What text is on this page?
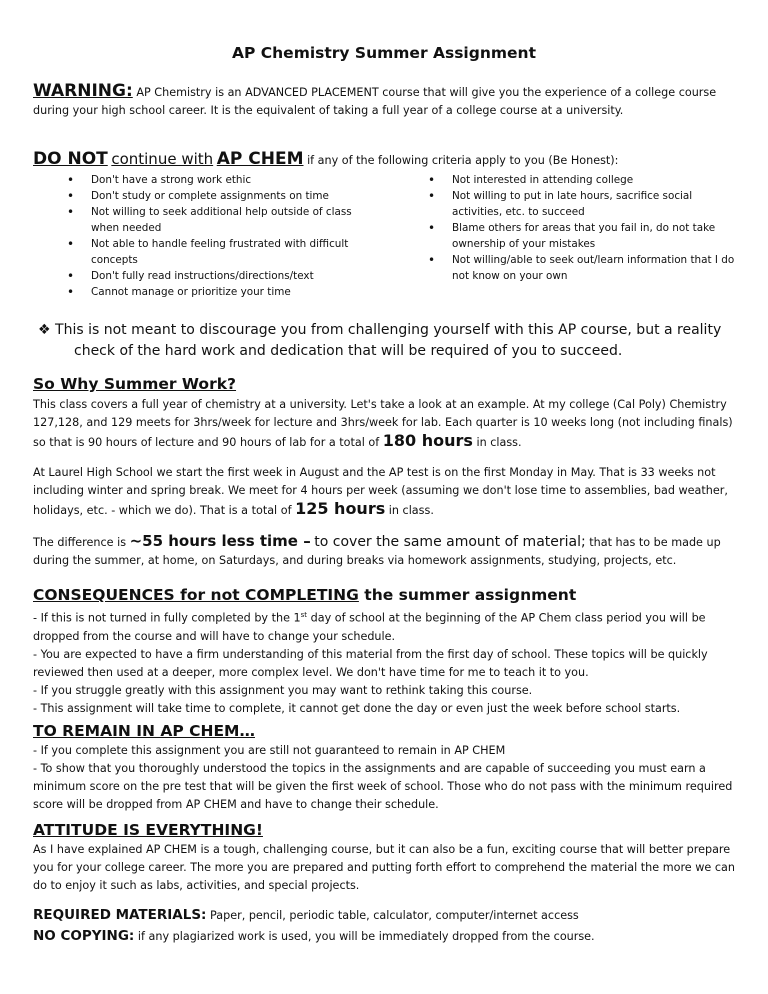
AP Chemistry Summer Assignment
WARNING: AP Chemistry is an ADVANCED PLACEMENT course that will give you the experience of a college course during your high school career. It is the equivalent of taking a full year of a college course at a university.
DO NOT continue with AP CHEM if any of the following criteria apply to you (Be Honest):
• Don't have a strong work ethic
• Don't study or complete assignments on time
• Not willing to seek additional help outside of class when needed
• Not able to handle feeling frustrated with difficult concepts
• Don't fully read instructions/directions/text
• Cannot manage or prioritize your time
• Not interested in attending college
• Not willing to put in late hours, sacrifice social activities, etc. to succeed
• Blame others for areas that you fail in, do not take ownership of your mistakes
• Not willing/able to seek out/learn information that I do not know on your own
❖ This is not meant to discourage you from challenging yourself with this AP course, but a reality
check of the hard work and dedication that will be required of you to succeed.
So Why Summer Work?
This class covers a full year of chemistry at a university. Let's take a look at an example. At my college (Cal Poly) Chemistry 127,128, and 129 meets for 3hrs/week for lecture and 3hrs/week for lab. Each quarter is 10 weeks long (not including finals) so that is 90 hours of lecture and 90 hours of lab for a total of 180 hours in class.
At Laurel High School we start the first week in August and the AP test is on the first Monday in May. That is 33 weeks not including winter and spring break. We meet for 4 hours per week (assuming we don't lose time to assemblies, bad weather, holidays, etc. - which we do). That is a total of 125 hours in class.
The difference is ~55 hours less time – to cover the same amount of material; that has to be made up during the summer, at home, on Saturdays, and during breaks via homework assignments, studying, projects, etc.
CONSEQUENCES for not COMPLETING the summer assignment
- If this is not turned in fully completed by the 1st day of school at the beginning of the AP Chem class period you will be dropped from the course and will have to change your schedule.
- You are expected to have a firm understanding of this material from the first day of school. These topics will be quickly reviewed then used at a deeper, more complex level. We don't have time for me to teach it to you.
- If you struggle greatly with this assignment you may want to rethink taking this course.
- This assignment will take time to complete, it cannot get done the day or even just the week before school starts.
TO REMAIN IN AP CHEM…
- If you complete this assignment you are still not guaranteed to remain in AP CHEM
- To show that you thoroughly understood the topics in the assignments and are capable of succeeding you must earn a minimum score on the pre test that will be given the first week of school. Those who do not pass with the minimum required score will be dropped from AP CHEM and have to change their schedule.
ATTITUDE IS EVERYTHING!
As I have explained AP CHEM is a tough, challenging course, but it can also be a fun, exciting course that will better prepare you for your college career. The more you are prepared and putting forth effort to comprehend the material the more we can do to enjoy it such as labs, activities, and special projects.
REQUIRED MATERIALS: Paper, pencil, periodic table, calculator, computer/internet access
NO COPYING: if any plagiarized work is used, you will be immediately dropped from the course.
